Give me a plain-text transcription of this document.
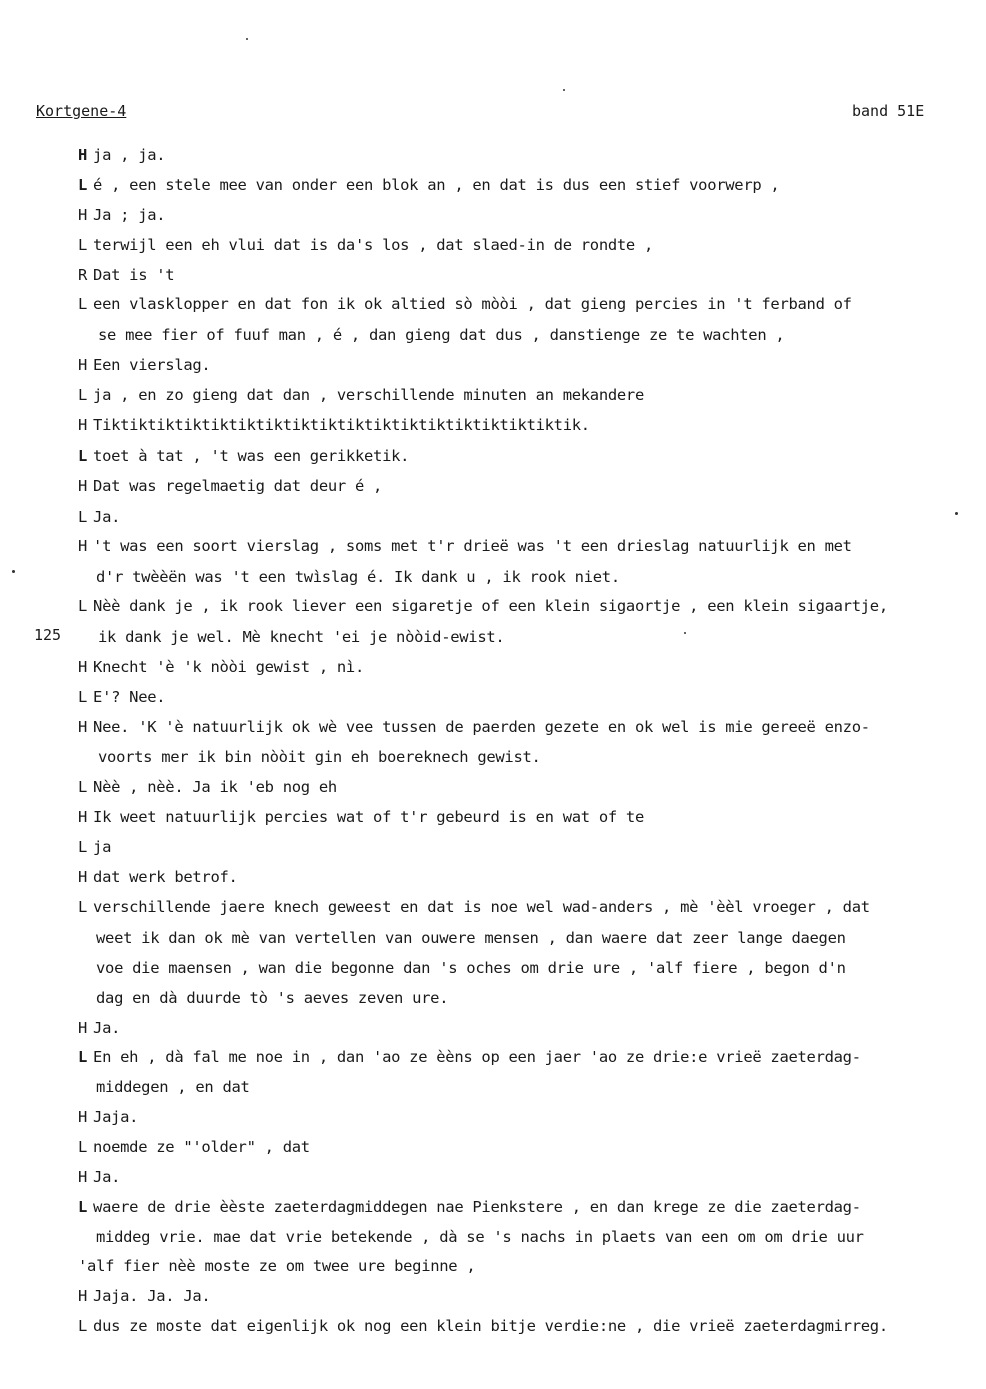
Kortgene-4	band 51E
125
H ja , ja.
L é , een stele mee van onder een blok an , en dat is dus een stief voorwerp ,
H Ja ; ja.
L terwijl een eh vlui dat is da's los , dat slaed-in de rondte ,
R Dat is 't
L een vlasklopper en dat fon ik ok altied sò mòòi , dat gieng percies in 't ferband of
se mee fier of fuuf man , é , dan gieng dat dus , danstienge ze te wachten ,
H Een vierslag.
L ja , en zo gieng dat dan , verschillende minuten an mekandere
H Tiktiktiktiktiktiktiktiktiktiktiktiktiktiktiktiktiktik.
L toet à tat , 't was een gerikketik.
H Dat was regelmaetig dat deur é ,
L Ja.
H 't was een soort vierslag , soms met t'r drieë was 't een drieslag natuurlijk en met
d'r twèèën was 't een twìslag é. Ik dank u , ik rook niet.
L Nèè dank je , ik rook liever een sigaretje of een klein sigaortje , een klein sigaartje,
ik dank je wel. Mè knecht 'ei je nòòid-ewist.
H Knecht 'è 'k nòòi gewist , nì.
L E'? Nee.
H Nee. 'K 'è natuurlijk ok wè vee tussen de paerden gezete en ok wel is mie gereeë enzo-
voorts mer ik bin nòòit gin eh boereknech gewist.
L Nèè , nèè. Ja ik 'eb nog eh
H Ik weet natuurlijk percies wat of t'r gebeurd is en wat of te
L ja
H dat werk betrof.
L verschillende jaere knech geweest en dat is noe wel wad-anders , mè 'èèl vroeger , dat
weet ik dan ok mè van vertellen van ouwere mensen , dan waere dat zeer lange daegen
voe die maensen , wan die begonne dan 's oches om drie ure , 'alf fiere , begon d'n
dag en dà duurde tò 's aeves zeven ure.
H Ja.
L En eh , dà fal me noe in , dan 'ao ze èèns op een jaer 'ao ze drie:e vrieë zaeterdag-
middegen , en dat
H Jaja.
L noemde ze "'older" , dat
H Ja.
L waere de drie èèste zaeterdagmiddegen nae Pienkstere , en dan krege ze die zaeterdag-
middeg vrie. mae dat vrie betekende , dà se 's nachs in plaets van een om om drie uur
'alf fier nèè moste ze om twee ure beginne ,
H Jaja. Ja. Ja.
L dus ze moste dat eigenlijk ok nog een klein bitje verdie:ne , die vrieë zaeterdagmirreg.
